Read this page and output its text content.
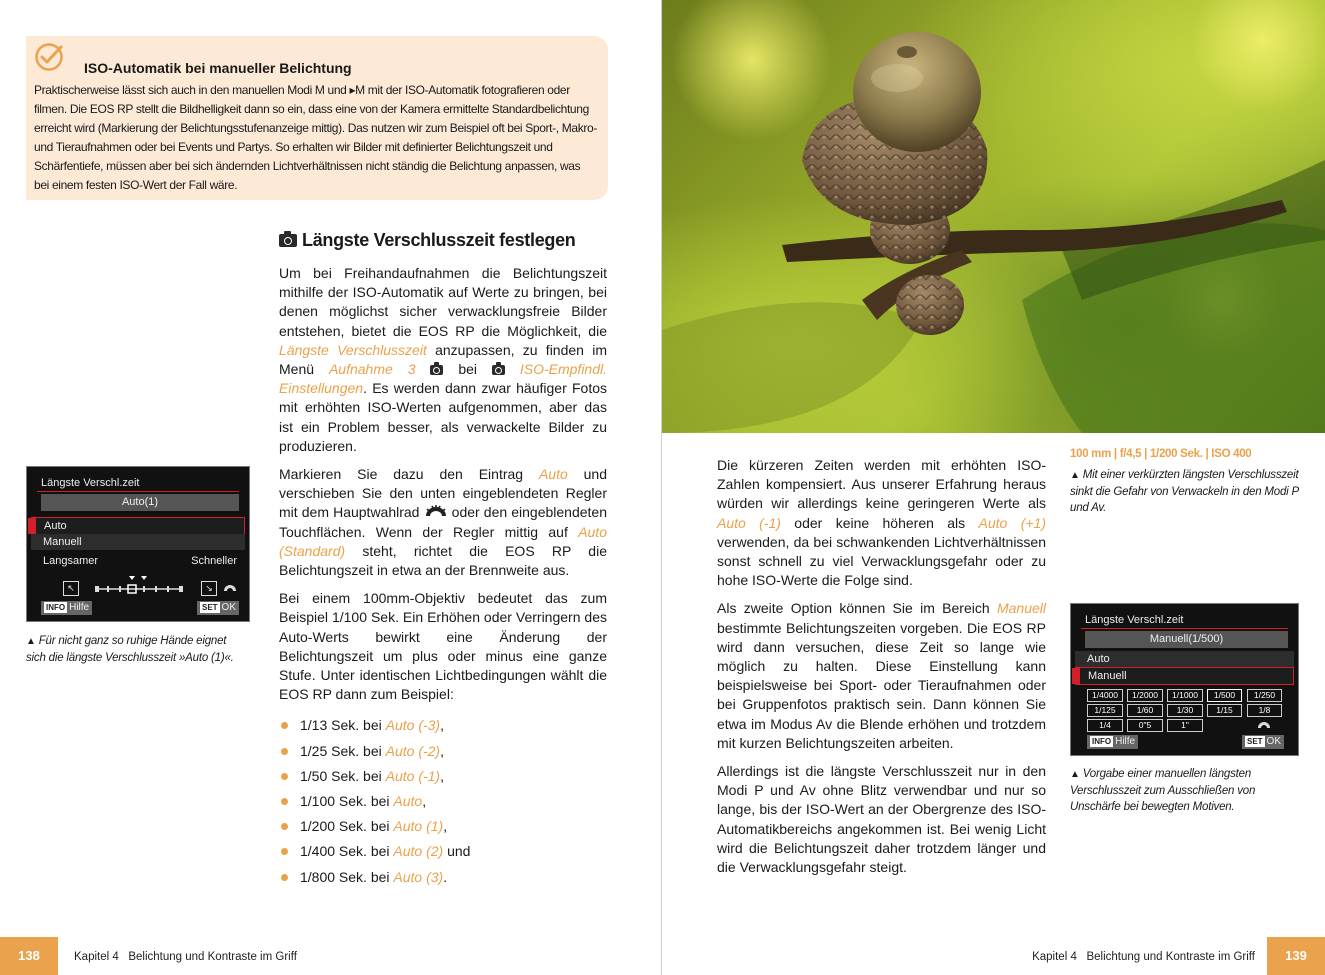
ISO-Automatik bei manueller Belichtung

Praktischerweise lässt sich auch in den manuellen Modi M und ▸M mit der ISO-Automatik fotografieren oder filmen. Die EOS RP stellt die Bildhelligkeit dann so ein, dass eine von der Kamera ermittelte Standardbelichtung erreicht wird (Markierung der Belichtungsstufenanzeige mittig). Das nutzen wir zum Beispiel oft bei Sport-, Makro- und Tieraufnahmen oder bei Events und Partys. So erhalten wir Bilder mit definierter Belichtungszeit und Schärfentiefe, müssen aber bei sich ändernden Lichtverhältnissen nicht ständig die Belichtung anpassen, was bei einem festen ISO-Wert der Fall wäre.

Längste Verschlusszeit festlegen

Um bei Freihandaufnahmen die Belichtungszeit mithilfe der ISO-Automatik auf Werte zu bringen, bei denen möglichst sicher verwacklungsfreie Bilder entstehen, bietet die EOS RP die Möglichkeit, die Längste Verschlusszeit anzupassen, zu finden im Menü Aufnahme 3  bei  ISO-Empfindl. Einstellungen. Es werden dann zwar häufiger Fotos mit erhöhten ISO-Werten aufgenommen, aber das ist ein Problem besser, als verwackelte Bilder zu produzieren.

Markieren Sie dazu den Eintrag Auto und verschieben Sie den unten eingeblendeten Regler mit dem Hauptwahlrad  oder den eingeblendeten Touchflächen. Wenn der Regler mittig auf Auto (Standard) steht, richtet die EOS RP die Belichtungszeit in etwa an der Brennweite aus.

Bei einem 100mm-Objektiv bedeutet das zum Beispiel 1/100 Sek. Ein Erhöhen oder Verringern des Auto-Werts bewirkt eine Änderung der Belichtungszeit um plus oder minus eine ganze Stufe. Unter identischen Lichtbedingungen wählt die EOS RP dann zum Beispiel:

1/13 Sek. bei Auto (-3),
1/25 Sek. bei Auto (-2),
1/50 Sek. bei Auto (-1),
1/100 Sek. bei Auto,
1/200 Sek. bei Auto (1),
1/400 Sek. bei Auto (2) und
1/800 Sek. bei Auto (3).
Längste Verschl.zeit
Auto(1)
Auto
Manuell
Langsamer	Schneller
↖	↘
INFO Hilfe	SET OK
▲ Für nicht ganz so ruhige Hände eignet sich die längste Verschlusszeit »Auto (1)«.
138	Kapitel 4 Belichtung und Kontraste im Griff
100 mm | f/4,5 | 1/200 Sek. | ISO 400
▲ Mit einer verkürzten längsten Verschlusszeit sinkt die Gefahr von Verwackeln in den Modi P und Av.

Die kürzeren Zeiten werden mit erhöhten ISO-Zahlen kompensiert. Aus unserer Erfahrung heraus würden wir allerdings keine geringeren Werte als Auto (-1) oder keine höheren als Auto (+1) verwenden, da bei schwankenden Lichtverhältnissen sonst schnell zu viel Verwacklungsgefahr oder zu hohe ISO-Werte die Folge sind.

Als zweite Option können Sie im Bereich Manuell bestimmte Belichtungszeiten vorgeben. Die EOS RP wird dann versuchen, diese Zeit so lange wie möglich zu halten. Diese Einstellung kann beispielsweise bei Sport- oder Tieraufnahmen oder bei Gruppenfotos praktisch sein. Dann können Sie etwa im Modus Av die Blende erhöhen und trotzdem mit kurzen Belichtungszeiten arbeiten.

Allerdings ist die längste Verschlusszeit nur in den Modi P und Av ohne Blitz verwendbar und nur so lange, bis der ISO-Wert an der Obergrenze des ISO-Automatikbereichs angekommen ist. Bei wenig Licht wird die Belichtungszeit daher trotzdem länger und die Verwacklungsgefahr steigt.

Längste Verschl.zeit
Manuell(1/500)
Auto
Manuell
1/4000	1/2000	1/1000	1/500	1/250
1/125	1/60	1/30	1/15	1/8
1/4	0"5	1"
INFO Hilfe	SET OK
▲ Vorgabe einer manuellen längsten Verschlusszeit zum Ausschließen von Unschärfe bei bewegten Motiven.
Kapitel 4 Belichtung und Kontraste im Griff	139
